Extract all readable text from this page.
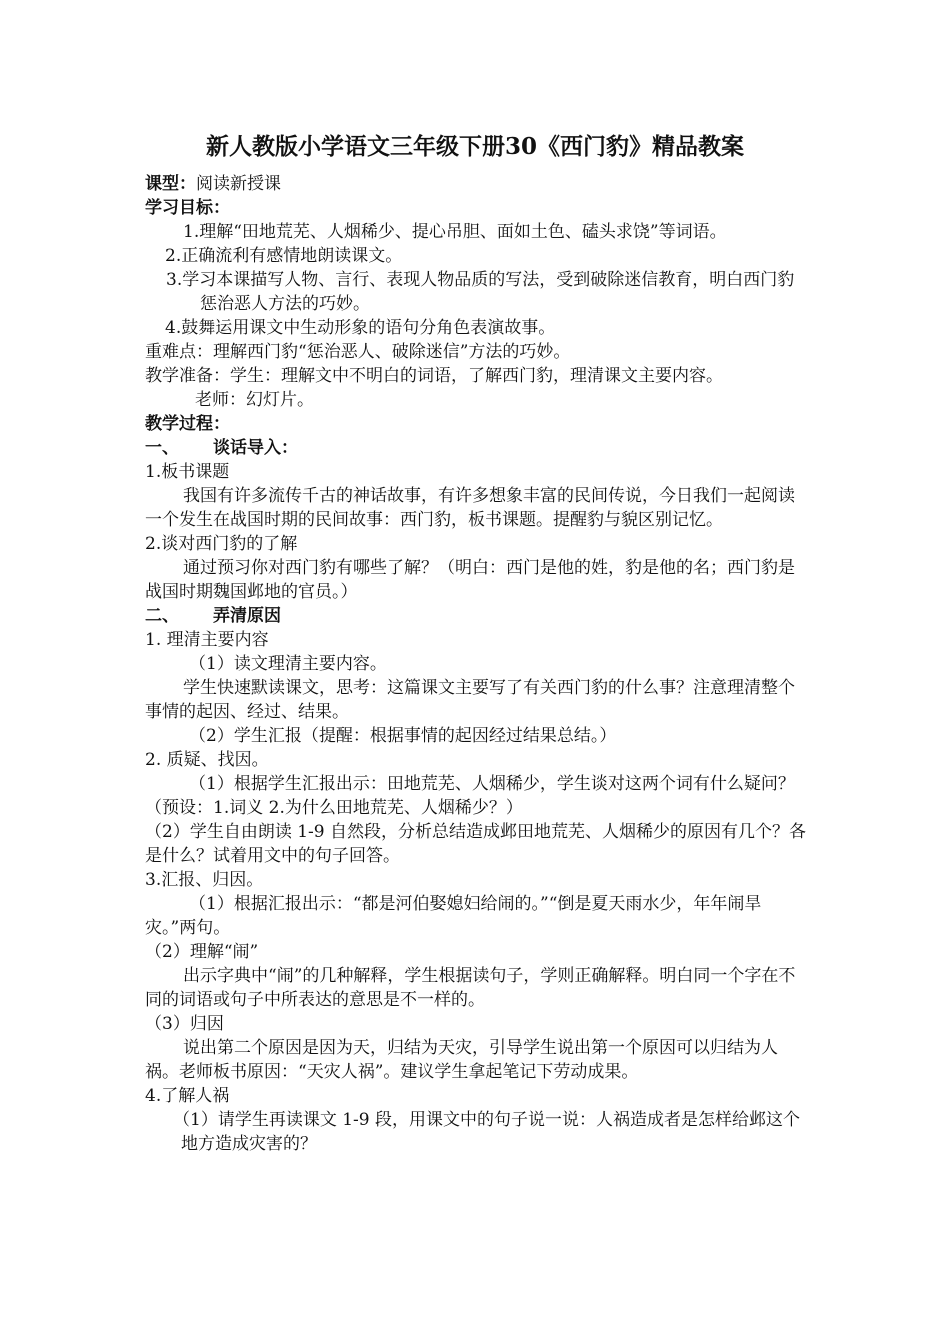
新人教版小学语文三年级下册30《西门豹》精品教案

课型：阅读新授课

学习目标：

1.理解“田地荒芜、人烟稀少、提心吊胆、面如土色、磕头求饶”等词语。

2.正确流利有感情地朗读课文。

3.学习本课描写人物、言行、表现人物品质的写法，受到破除迷信教育，明白西门豹惩治恶人方法的巧妙。

4.鼓舞运用课文中生动形象的语句分角色表演故事。

重难点：理解西门豹“惩治恶人、破除迷信”方法的巧妙。

教学准备：学生：理解文中不明白的词语，了解西门豹，理清课文主要内容。

老师：幻灯片。

教学过程：

一、 谈话导入：

1.板书课题

我国有许多流传千古的神话故事，有许多想象丰富的民间传说，今日我们一起阅读一个发生在战国时期的民间故事：西门豹，板书课题。提醒豹与貌区别记忆。

2.谈对西门豹的了解

通过预习你对西门豹有哪些了解？（明白：西门是他的姓，豹是他的名；西门豹是战国时期魏国邺地的官员。）

二、 弄清原因

1. 理清主要内容

（1）读文理清主要内容。

学生快速默读课文，思考：这篇课文主要写了有关西门豹的什么事？注意理清整个事情的起因、经过、结果。

（2）学生汇报（提醒：根据事情的起因经过结果总结。）

2. 质疑、找因。

（1）根据学生汇报出示：田地荒芜、人烟稀少，学生谈对这两个词有什么疑问？（预设：1.词义 2.为什么田地荒芜、人烟稀少？）

（2）学生自由朗读 1-9 自然段，分析总结造成邺田地荒芜、人烟稀少的原因有几个？各是什么？试着用文中的句子回答。

3.汇报、归因。

（1）根据汇报出示：“都是河伯娶媳妇给闹的。”“倒是夏天雨水少，年年闹旱灾。”两句。

（2）理解“闹”

出示字典中“闹”的几种解释，学生根据读句子，学则正确解释。明白同一个字在不同的词语或句子中所表达的意思是不一样的。

（3）归因

说出第二个原因是因为天，归结为天灾，引导学生说出第一个原因可以归结为人祸。老师板书原因：“天灾人祸”。建议学生拿起笔记下劳动成果。

4.了解人祸

（1）请学生再读课文 1-9 段，用课文中的句子说一说：人祸造成者是怎样给邺这个地方造成灾害的？
